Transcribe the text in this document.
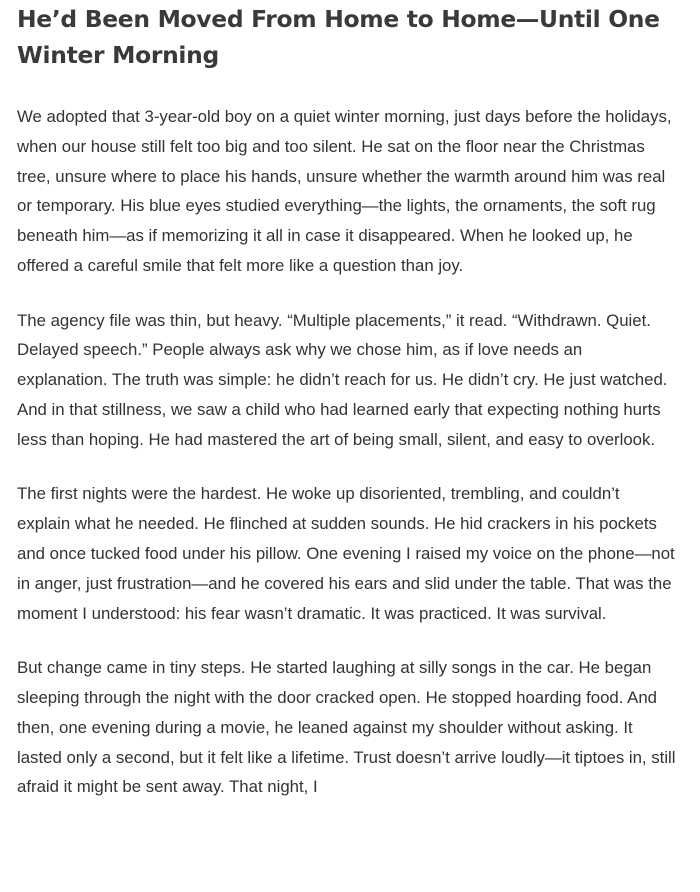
He’d Been Moved From Home to Home—Until One Winter Morning

We adopted that 3-year-old boy on a quiet winter morning, just days before the holidays, when our house still felt too big and too silent. He sat on the floor near the Christmas tree, unsure where to place his hands, unsure whether the warmth around him was real or temporary. His blue eyes studied everything—the lights, the ornaments, the soft rug beneath him—as if memorizing it all in case it disappeared. When he looked up, he offered a careful smile that felt more like a question than joy.

The agency file was thin, but heavy. “Multiple placements,” it read. “Withdrawn. Quiet. Delayed speech.” People always ask why we chose him, as if love needs an explanation. The truth was simple: he didn’t reach for us. He didn’t cry. He just watched. And in that stillness, we saw a child who had learned early that expecting nothing hurts less than hoping. He had mastered the art of being small, silent, and easy to overlook.

The first nights were the hardest. He woke up disoriented, trembling, and couldn’t explain what he needed. He flinched at sudden sounds. He hid crackers in his pockets and once tucked food under his pillow. One evening I raised my voice on the phone—not in anger, just frustration—and he covered his ears and slid under the table. That was the moment I understood: his fear wasn’t dramatic. It was practiced. It was survival.

But change came in tiny steps. He started laughing at silly songs in the car. He began sleeping through the night with the door cracked open. He stopped hoarding food. And then, one evening during a movie, he leaned against my shoulder without asking. It lasted only a second, but it felt like a lifetime. Trust doesn’t arrive loudly—it tiptoes in, still afraid it might be sent away. That night, I
